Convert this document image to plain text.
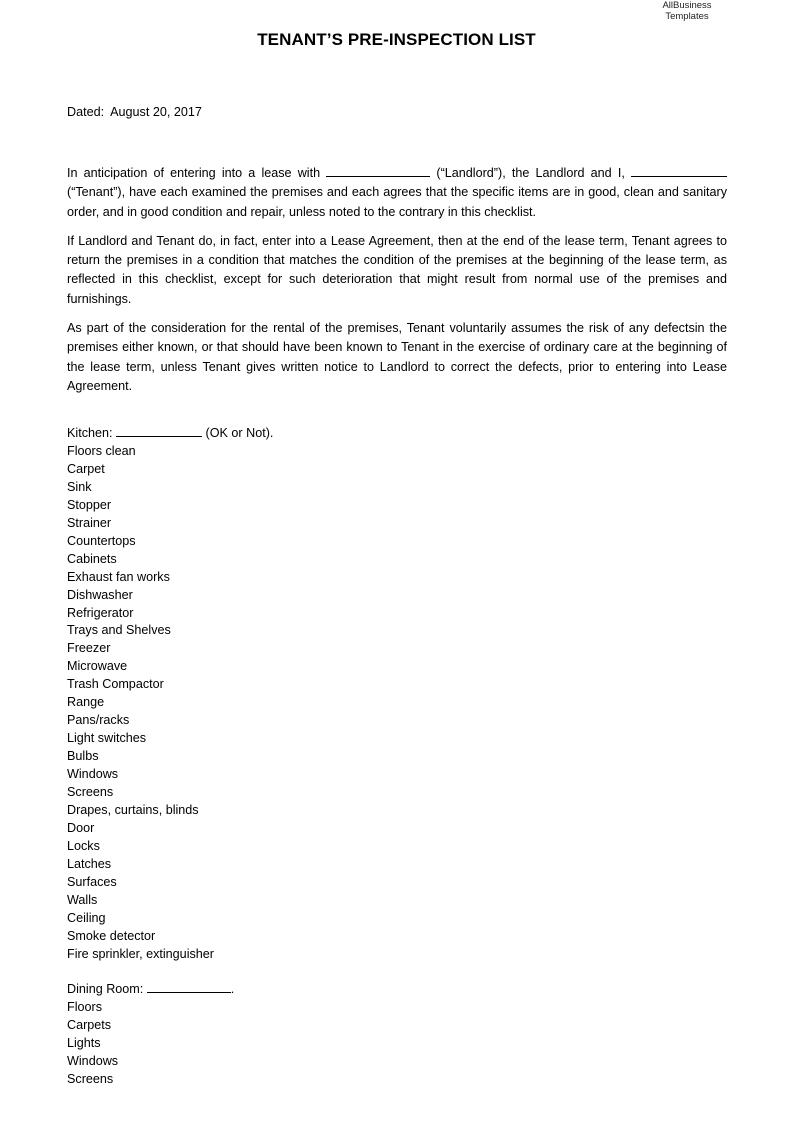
AllBusiness
Templates
TENANT’S PRE-INSPECTION LIST
Dated: August 20, 2017

In anticipation of entering into a lease with	(“Landlord”), the Landlord and I,  (“Tenant”), have each examined the premises and each agrees that the specific items are in good, clean and sanitary order, and in good condition and repair, unless noted to the contrary in this checklist.

If Landlord and Tenant do, in fact, enter into a Lease Agreement, then at the end of the lease term, Tenant agrees to return the premises in a condition that matches the condition of the premises at the beginning of the lease term, as reflected in this checklist, except for such deterioration that might result from normal use of the premises and furnishings.

As part of the consideration for the rental of the premises, Tenant voluntarily assumes the risk of any defectsin the premises either known, or that should have been known to Tenant in the exercise of ordinary care at the beginning of the lease term, unless Tenant gives written notice to Landlord to correct the defects, prior to entering into Lease Agreement.

Kitchen:	(OK or Not).
Floors clean
Carpet
Sink
Stopper
Strainer
Countertops
Cabinets
Exhaust fan works
Dishwasher
Refrigerator
Trays and Shelves
Freezer
Microwave
Trash Compactor
Range
Pans/racks
Light switches
Bulbs
Windows
Screens
Drapes, curtains, blinds
Door
Locks
Latches
Surfaces
Walls
Ceiling
Smoke detector
Fire sprinkler, extinguisher
Dining Room:	.
Floors
Carpets
Lights
Windows
Screens
